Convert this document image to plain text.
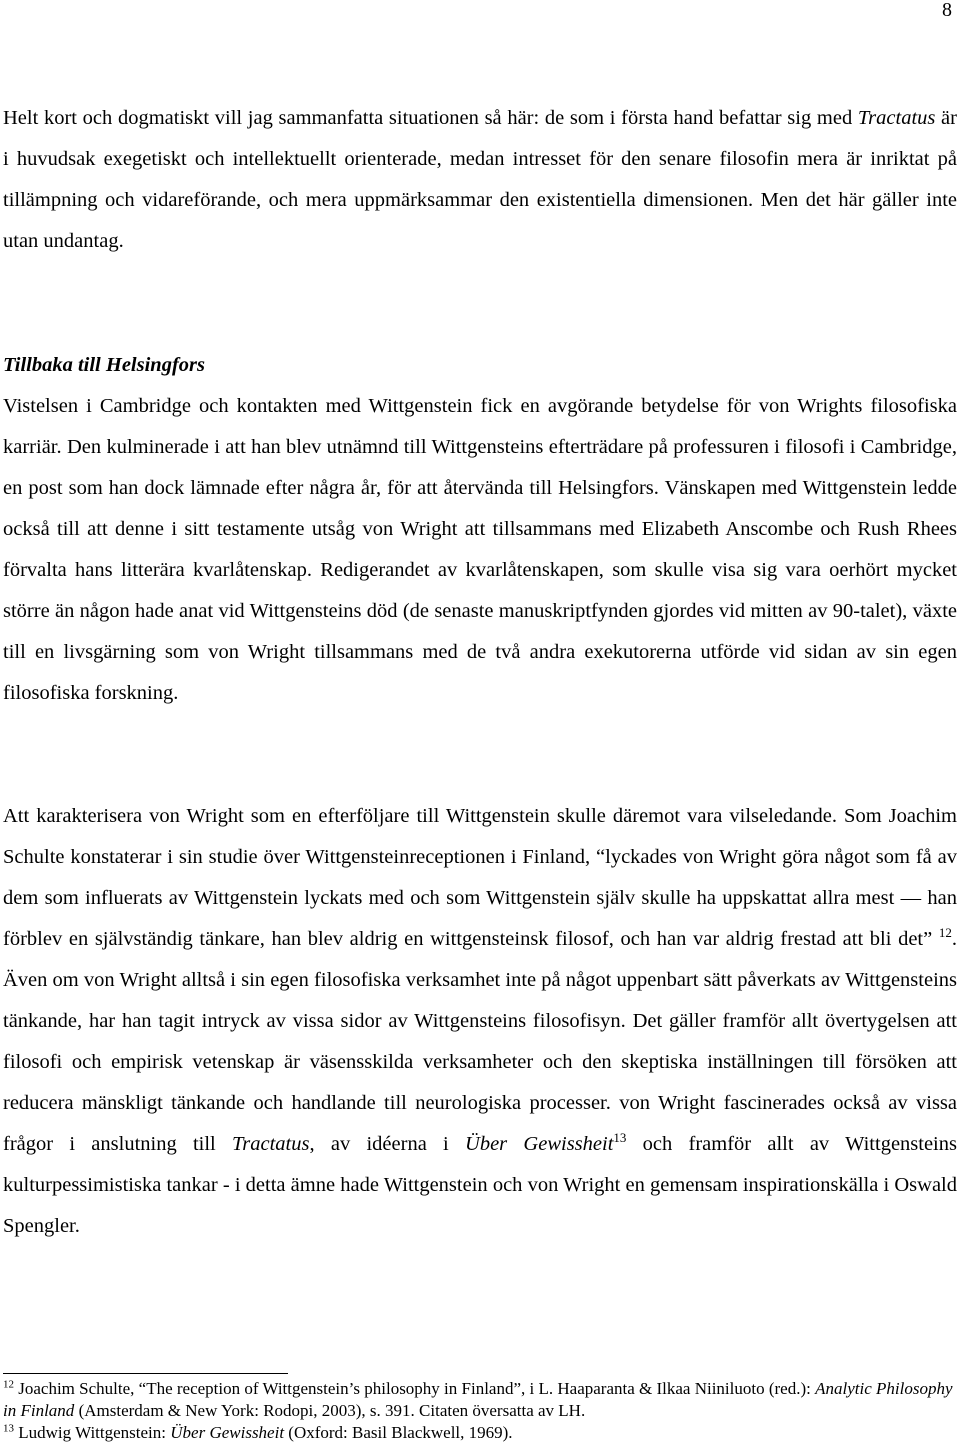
8

Helt kort och dogmatiskt vill jag sammanfatta situationen så här: de som i första hand befattar sig med Tractatus är i huvudsak exegetiskt och intellektuellt orienterade, medan intresset för den senare filosofin mera är inriktat på tillämpning och vidareförande, och mera uppmärksammar den existentiella dimensionen. Men det här gäller inte utan undantag.

Tillbaka till Helsingfors

Vistelsen i Cambridge och kontakten med Wittgenstein fick en avgörande betydelse för von Wrights filosofiska karriär. Den kulminerade i att han blev utnämnd till Wittgensteins efterträdare på professuren i filosofi i Cambridge, en post som han dock lämnade efter några år, för att återvända till Helsingfors. Vänskapen med Wittgenstein ledde också till att denne i sitt testamente utsåg von Wright att tillsammans med Elizabeth Anscombe och Rush Rhees förvalta hans litterära kvarlåtenskap. Redigerandet av kvarlåtenskapen, som skulle visa sig vara oerhört mycket större än någon hade anat vid Wittgensteins död (de senaste manuskriptfynden gjordes vid mitten av 90-talet), växte till en livsgärning som von Wright tillsammans med de två andra exekutorerna utförde vid sidan av sin egen filosofiska forskning.

Att karakterisera von Wright som en efterföljare till Wittgenstein skulle däremot vara vilseledande. Som Joachim Schulte konstaterar i sin studie över Wittgensteinreceptionen i Finland, “lyckades von Wright göra något som få av dem som influerats av Wittgenstein lyckats med och som Wittgenstein själv skulle ha uppskattat allra mest — han förblev en självständig tänkare, han blev aldrig en wittgensteinsk filosof, och han var aldrig frestad att bli det” $^{12}$. Även om von Wright alltså i sin egen filosofiska verksamhet inte på något uppenbart sätt påverkats av Wittgensteins tänkande, har han tagit intryck av vissa sidor av Wittgensteins filosofisyn. Det gäller framför allt övertygelsen att filosofi och empirisk vetenskap är väsensskilda verksamheter och den skeptiska inställningen till försöken att reducera mänskligt tänkande och handlande till neurologiska processer. von Wright fascinerades också av vissa frågor i anslutning till Tractatus, av idéerna i Über Gewissheit$^{13}$ och framför allt av Wittgensteins kulturpessimistiska tankar - i detta ämne hade Wittgenstein och von Wright en gemensam inspirationskälla i Oswald Spengler.

$^{12}$ Joachim Schulte, “The reception of Wittgenstein’s philosophy in Finland”, i L. Haaparanta & Ilkaa Niiniluoto (red.): Analytic Philosophy in Finland (Amsterdam & New York: Rodopi, 2003), s. 391. Citaten översatta av LH.

$^{13}$ Ludwig Wittgenstein: Über Gewissheit (Oxford: Basil Blackwell, 1969).
